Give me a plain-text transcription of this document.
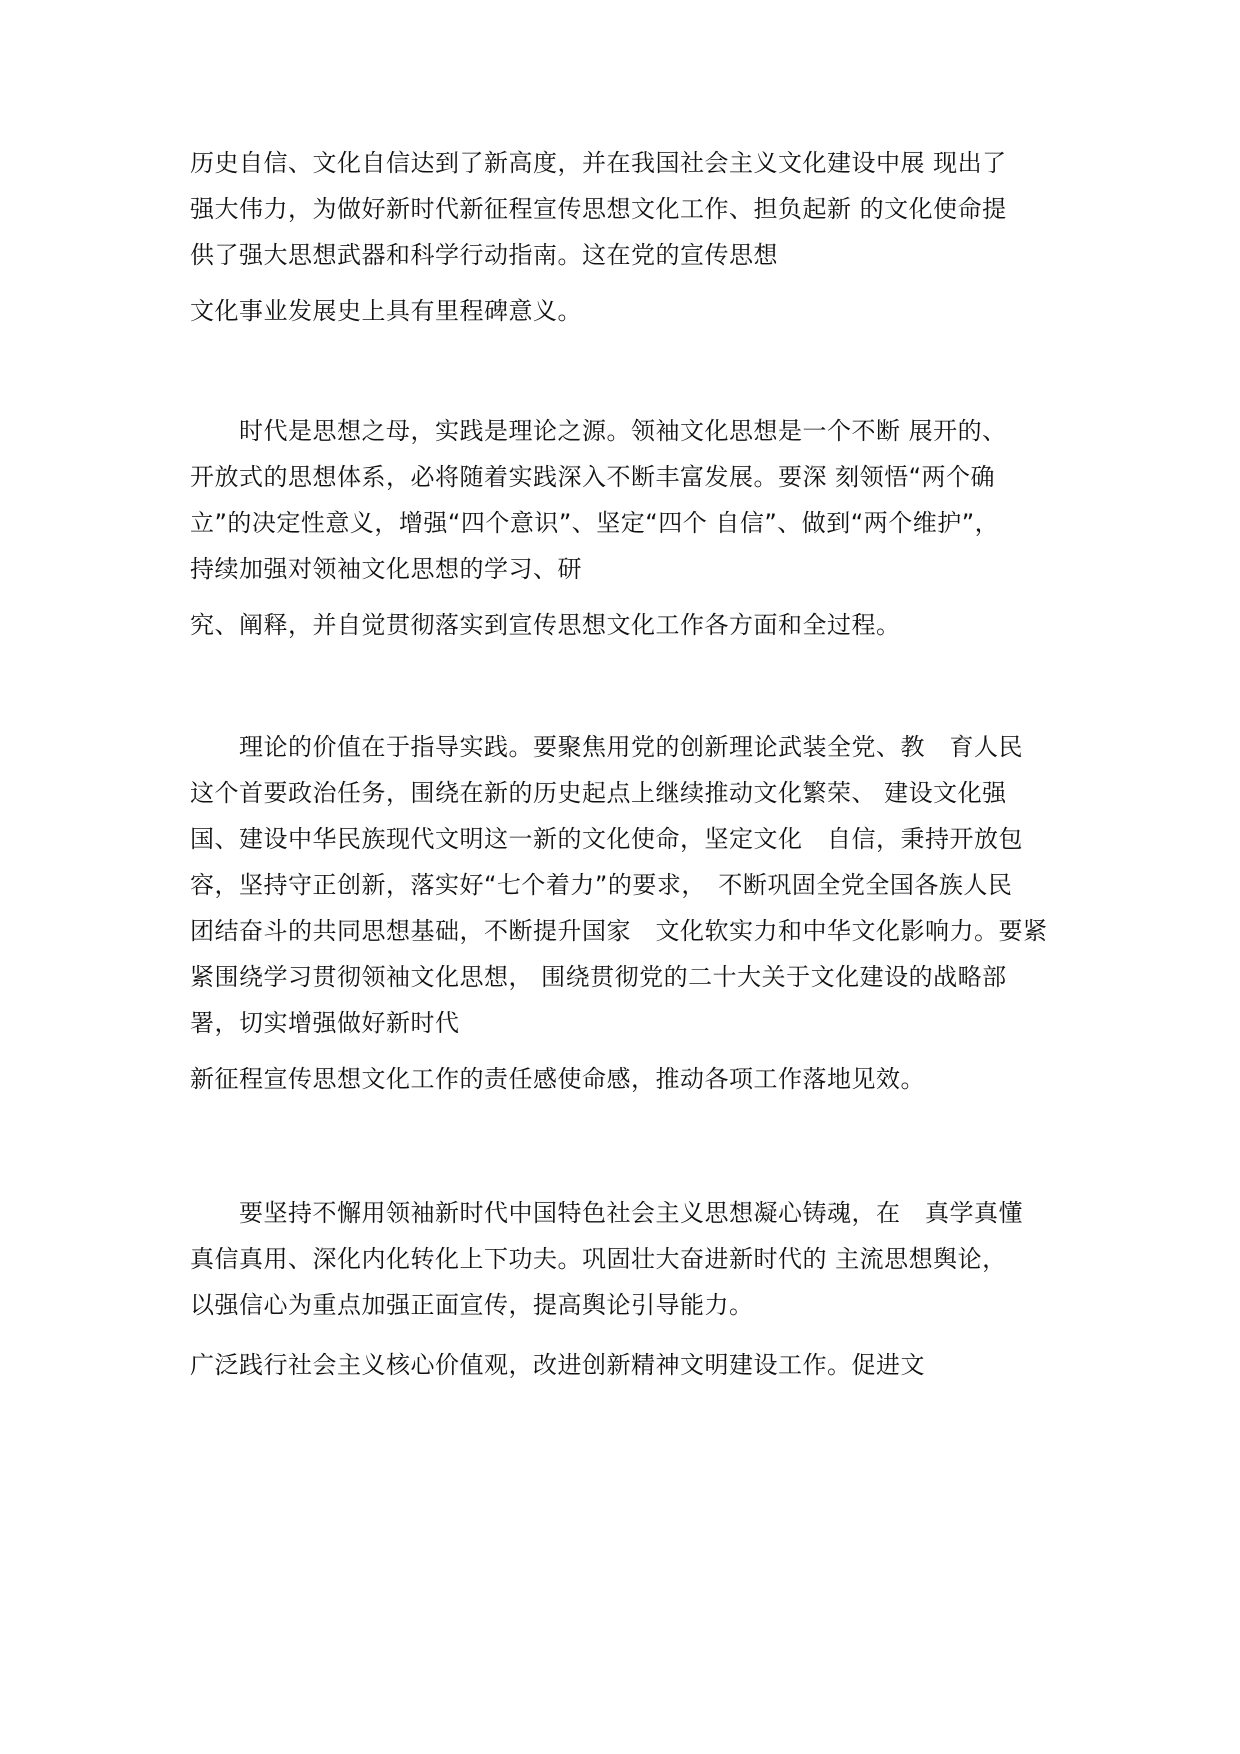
历史自信、文化自信达到了新高度，并在我国社会主义文化建设中展 现出了
强大伟力，为做好新时代新征程宣传思想文化工作、担负起新 的文化使命提
供了强大思想武器和科学行动指南。这在党的宣传思想
文化事业发展史上具有里程碑意义。
　　时代是思想之母，实践是理论之源。领袖文化思想是一个不断 展开的、
开放式的思想体系，必将随着实践深入不断丰富发展。要深 刻领悟“两个确
立”的决定性意义，增强“四个意识”、坚定“四个 自信”、做到“两个维护”，
持续加强对领袖文化思想的学习、研
究、阐释，并自觉贯彻落实到宣传思想文化工作各方面和全过程。
　　理论的价值在于指导实践。要聚焦用党的创新理论武装全党、教　育人民
这个首要政治任务，围绕在新的历史起点上继续推动文化繁荣、 建设文化强
国、建设中华民族现代文明这一新的文化使命，坚定文化　自信，秉持开放包
容，坚持守正创新，落实好“七个着力”的要求，　不断巩固全党全国各族人民
团结奋斗的共同思想基础，不断提升国家　文化软实力和中华文化影响力。要紧
紧围绕学习贯彻领袖文化思想， 围绕贯彻党的二十大关于文化建设的战略部
署，切实增强做好新时代
新征程宣传思想文化工作的责任感使命感，推动各项工作落地见效。
　　要坚持不懈用领袖新时代中国特色社会主义思想凝心铸魂，在　真学真懂
真信真用、深化内化转化上下功夫。巩固壮大奋进新时代的 主流思想舆论，
以强信心为重点加强正面宣传，提高舆论引导能力。
广泛践行社会主义核心价值观，改进创新精神文明建设工作。促进文
